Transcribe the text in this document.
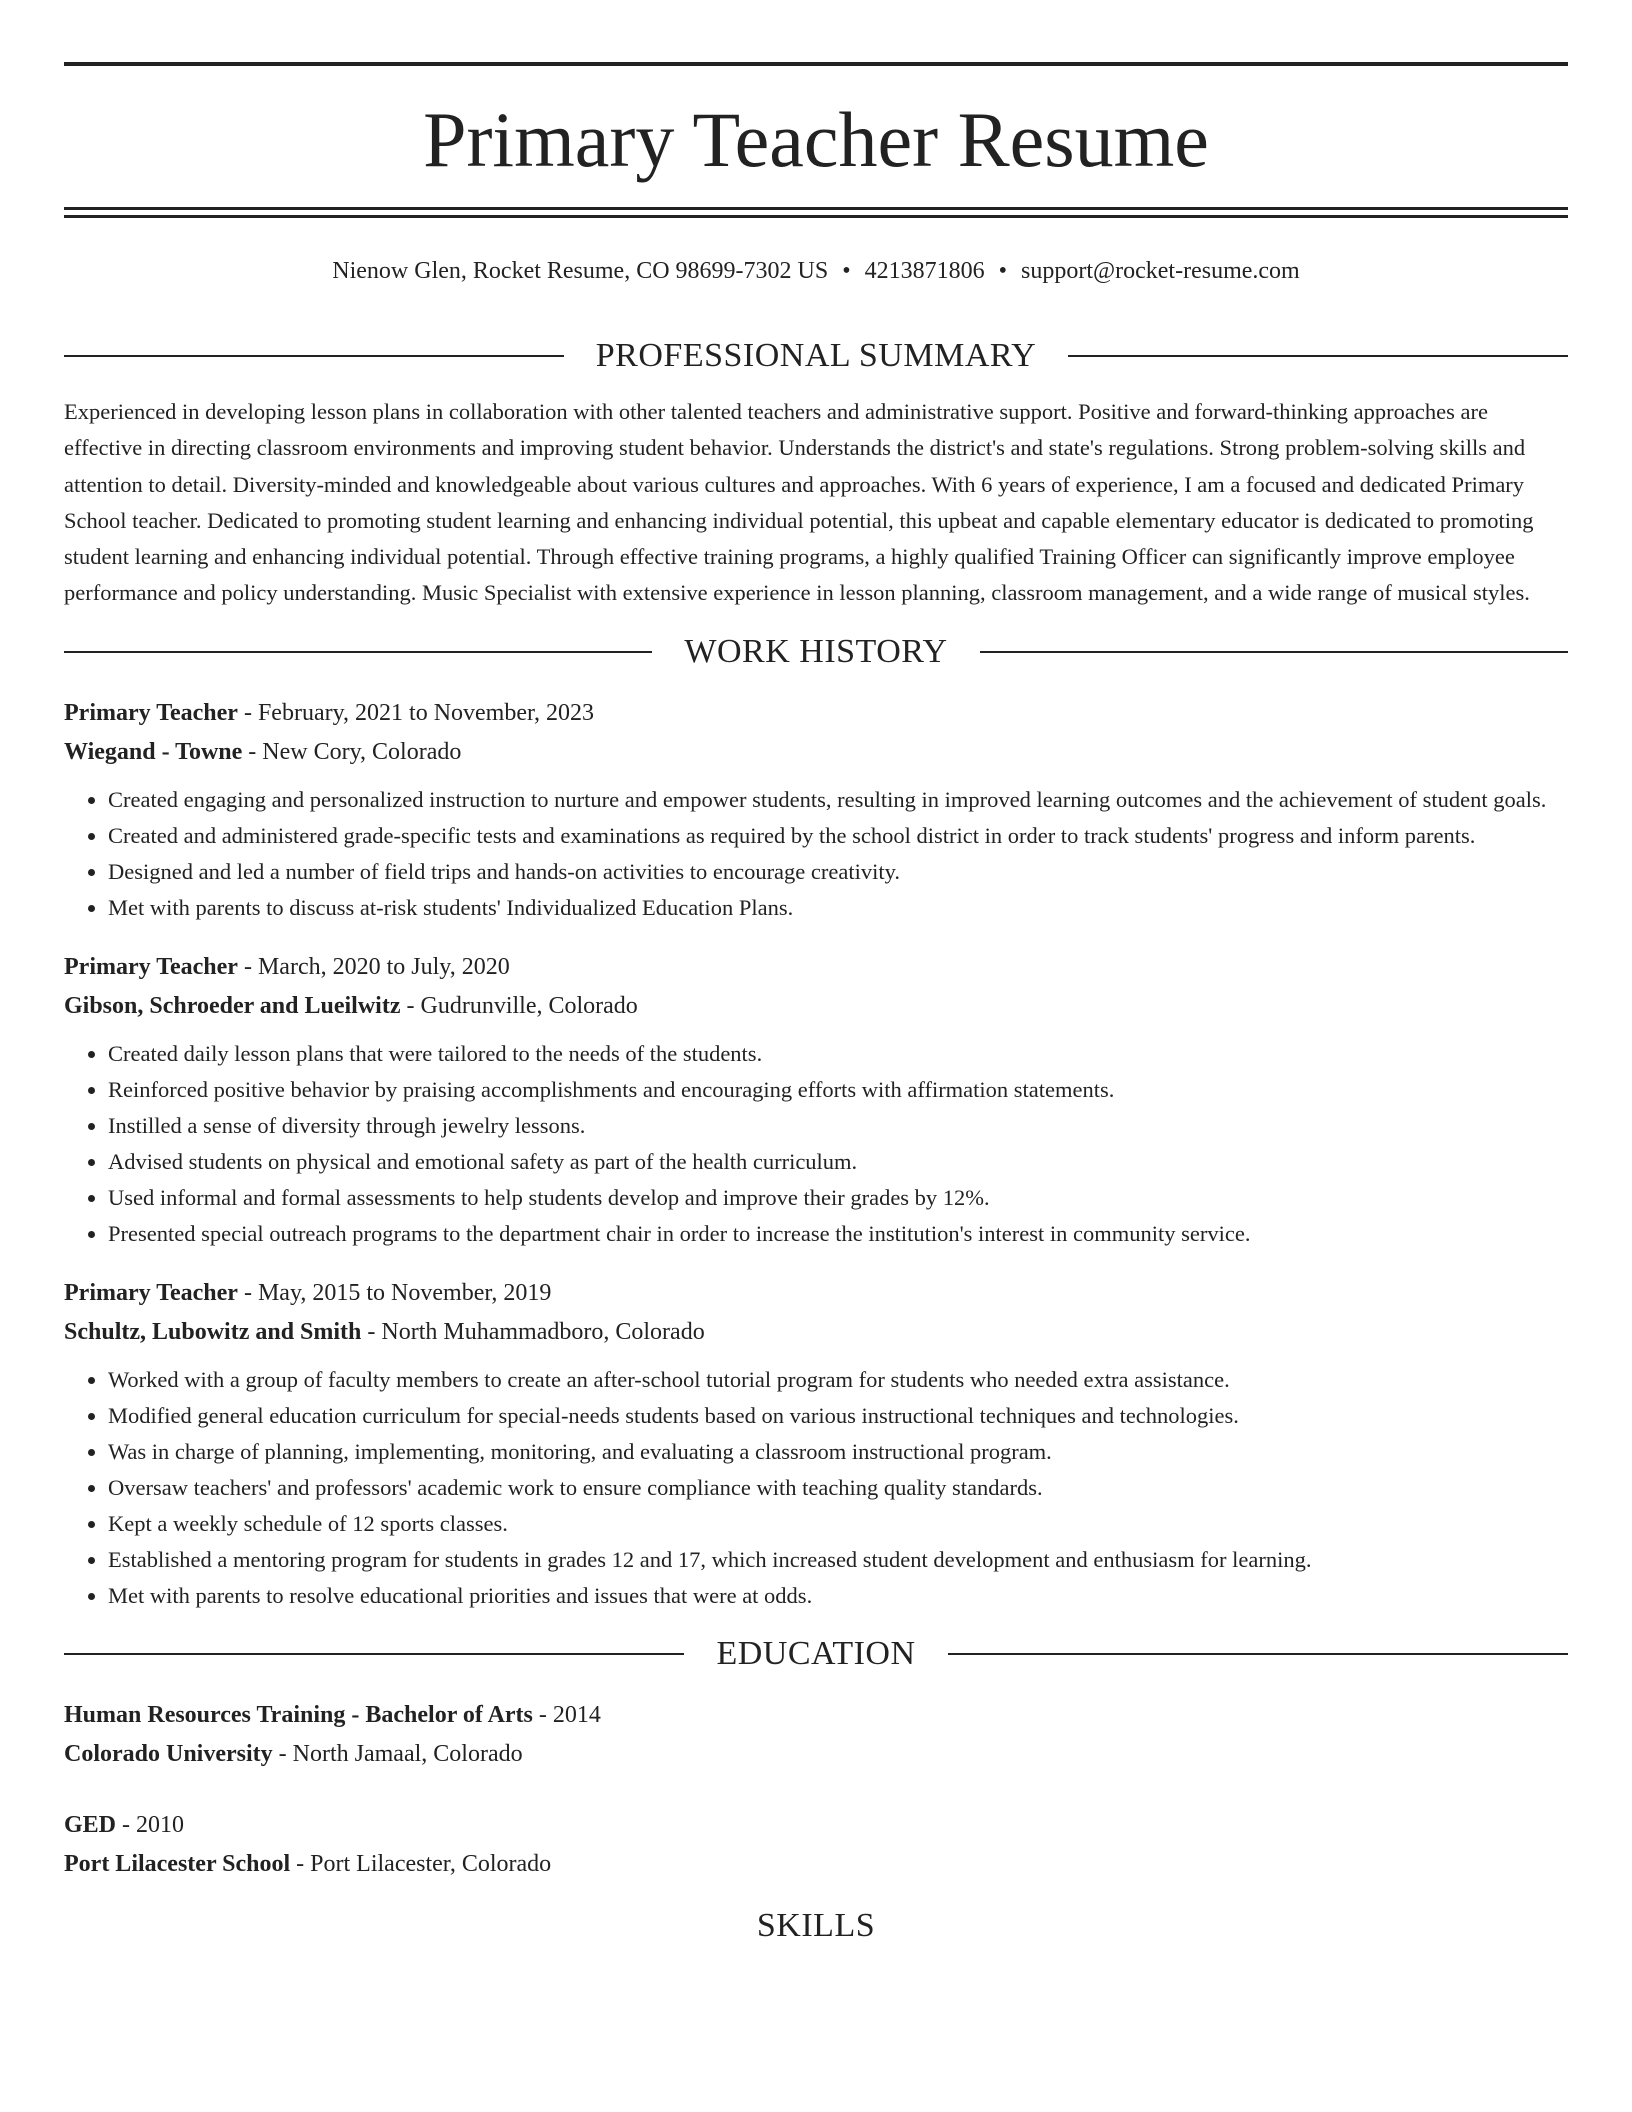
Primary Teacher Resume
Nienow Glen, Rocket Resume, CO 98699-7302 US • 4213871806 • support@rocket-resume.com
PROFESSIONAL SUMMARY

Experienced in developing lesson plans in collaboration with other talented teachers and administrative support. Positive and forward-thinking approaches are effective in directing classroom environments and improving student behavior. Understands the district's and state's regulations. Strong problem-solving skills and attention to detail. Diversity-minded and knowledgeable about various cultures and approaches. With 6 years of experience, I am a focused and dedicated Primary School teacher. Dedicated to promoting student learning and enhancing individual potential, this upbeat and capable elementary educator is dedicated to promoting student learning and enhancing individual potential. Through effective training programs, a highly qualified Training Officer can significantly improve employee performance and policy understanding. Music Specialist with extensive experience in lesson planning, classroom management, and a wide range of musical styles.

WORK HISTORY
Primary Teacher - February, 2021 to November, 2023
Wiegand - Towne - New Cory, Colorado
• Created engaging and personalized instruction to nurture and empower students, resulting in improved learning outcomes and the achievement of student goals.
• Created and administered grade-specific tests and examinations as required by the school district in order to track students' progress and inform parents.
• Designed and led a number of field trips and hands-on activities to encourage creativity.
• Met with parents to discuss at-risk students' Individualized Education Plans.
Primary Teacher - March, 2020 to July, 2020
Gibson, Schroeder and Lueilwitz - Gudrunville, Colorado
• Created daily lesson plans that were tailored to the needs of the students.
• Reinforced positive behavior by praising accomplishments and encouraging efforts with affirmation statements.
• Instilled a sense of diversity through jewelry lessons.
• Advised students on physical and emotional safety as part of the health curriculum.
• Used informal and formal assessments to help students develop and improve their grades by 12%.
• Presented special outreach programs to the department chair in order to increase the institution's interest in community service.
Primary Teacher - May, 2015 to November, 2019
Schultz, Lubowitz and Smith - North Muhammadboro, Colorado
• Worked with a group of faculty members to create an after-school tutorial program for students who needed extra assistance.
• Modified general education curriculum for special-needs students based on various instructional techniques and technologies.
• Was in charge of planning, implementing, monitoring, and evaluating a classroom instructional program.
• Oversaw teachers' and professors' academic work to ensure compliance with teaching quality standards.
• Kept a weekly schedule of 12 sports classes.
• Established a mentoring program for students in grades 12 and 17, which increased student development and enthusiasm for learning.
• Met with parents to resolve educational priorities and issues that were at odds.
EDUCATION
Human Resources Training - Bachelor of Arts - 2014
Colorado University - North Jamaal, Colorado
GED - 2010
Port Lilacester School - Port Lilacester, Colorado
SKILLS
